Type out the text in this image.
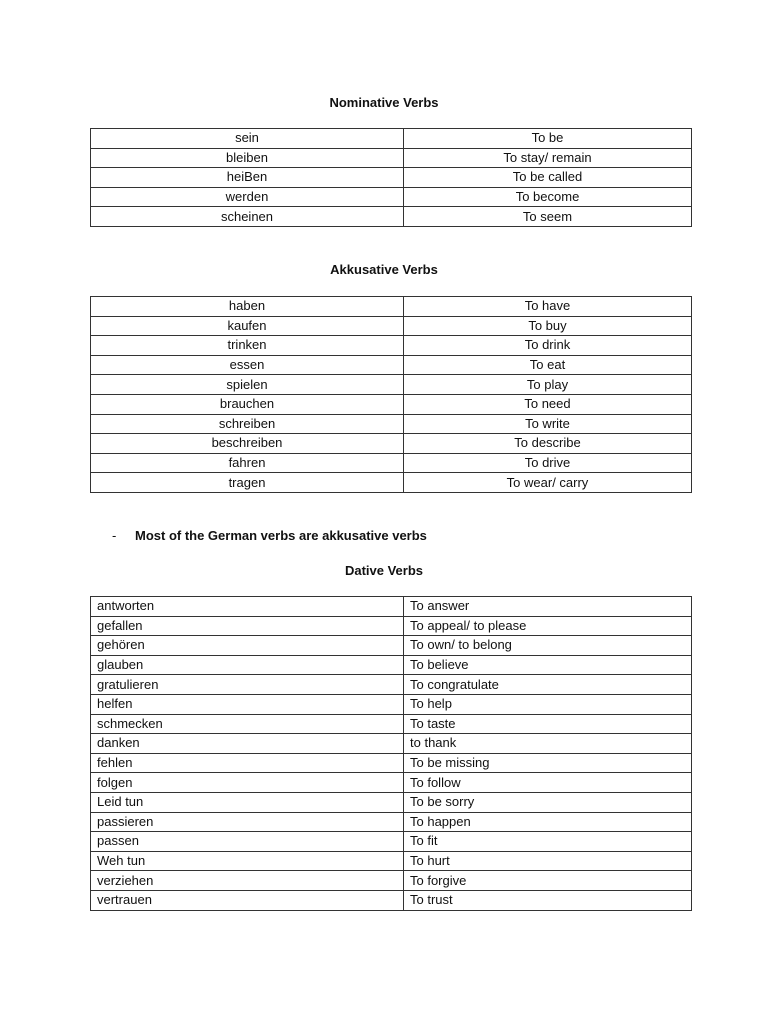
Nominative Verbs
sein	To be
bleiben	To stay/ remain
heiBen	To be called
werden	To become
scheinen	To seem
Akkusative Verbs
haben	To have
kaufen	To buy
trinken	To drink
essen	To eat
spielen	To play
brauchen	To need
schreiben	To write
beschreiben	To describe
fahren	To drive
tragen	To wear/ carry
- Most of the German verbs are akkusative verbs
Dative Verbs
antworten	To answer
gefallen	To appeal/ to please
gehören	To own/ to belong
glauben	To believe
gratulieren	To congratulate
helfen	To help
schmecken	To taste
danken	to thank
fehlen	To be missing
folgen	To follow
Leid tun	To be sorry
passieren	To happen
passen	To fit
Weh tun	To hurt
verziehen	To forgive
vertrauen	To trust
